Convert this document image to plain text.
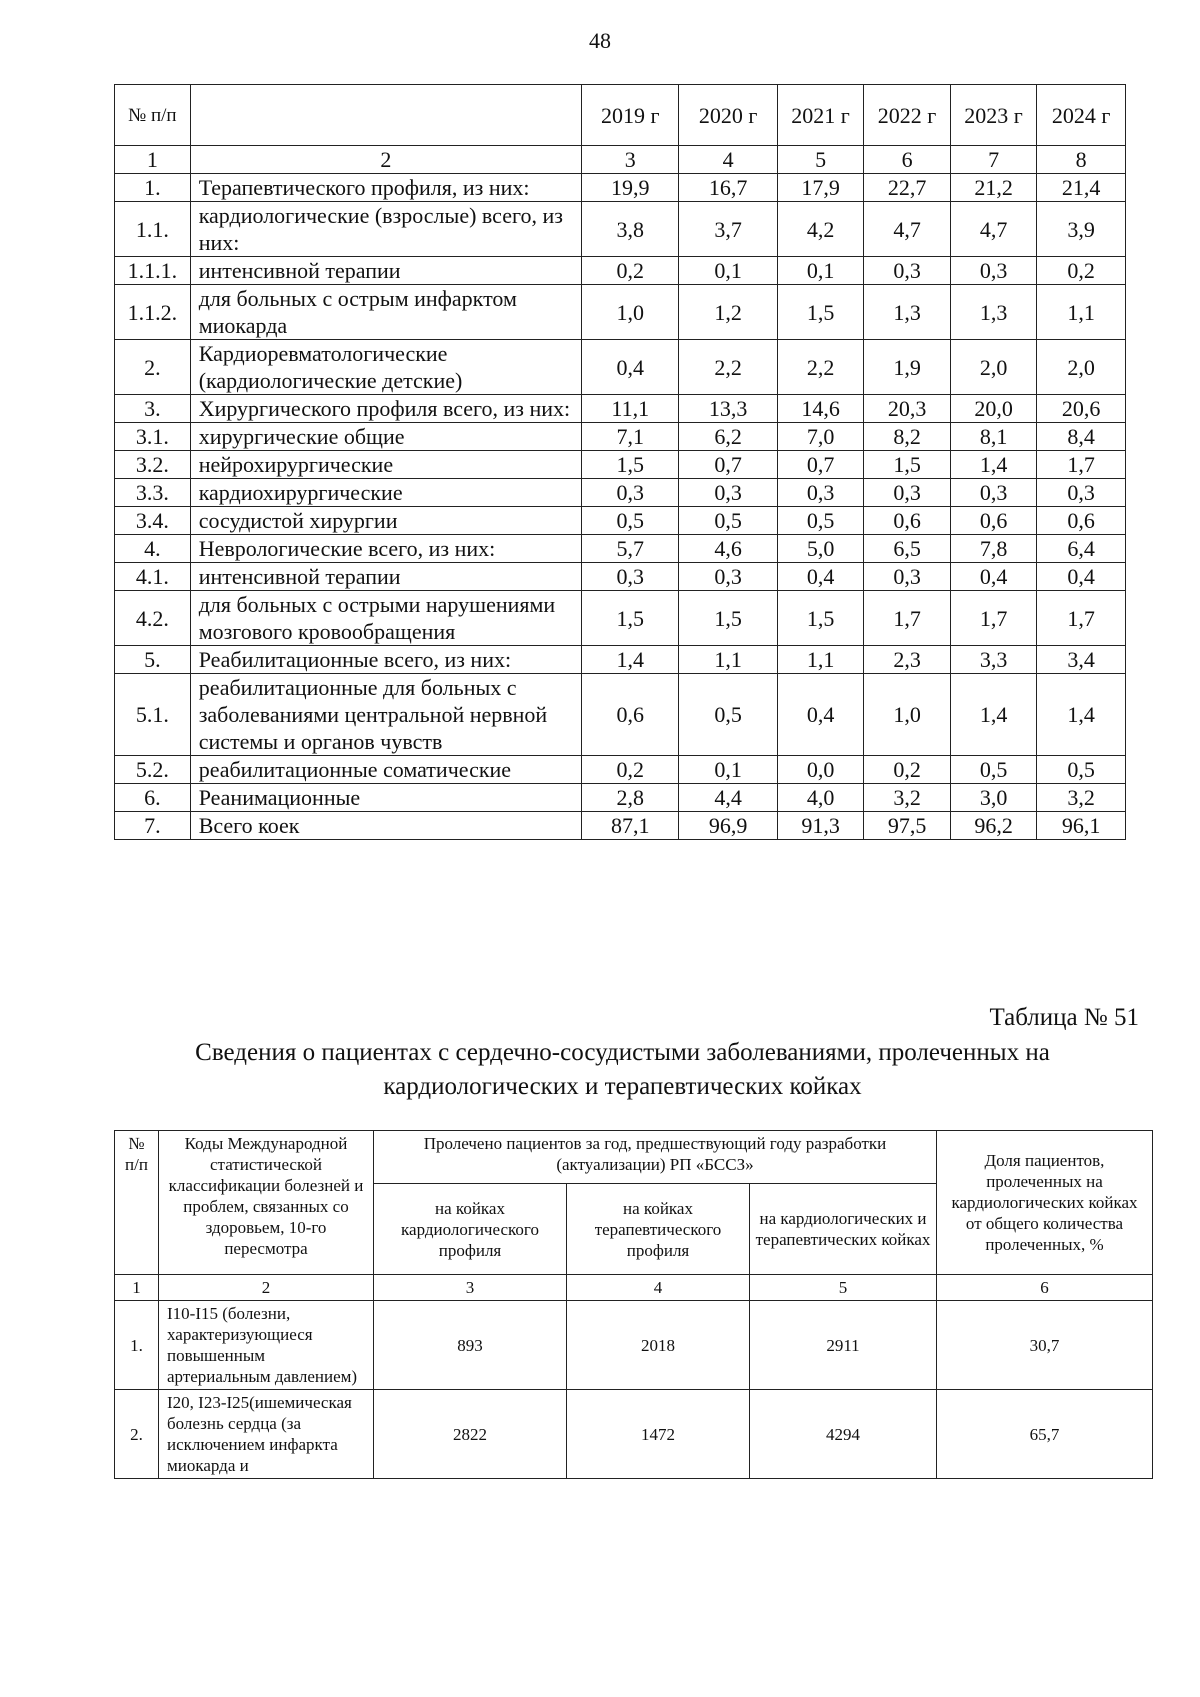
48
№ п/п		2019 г	2020 г	2021 г	2022 г	2023 г	2024 г
1	2	3	4	5	6	7	8
1.	Терапевтического профиля, из них:	19,9	16,7	17,9	22,7	21,2	21,4
1.1.	кардиологические (взрослые) всего, из них:	3,8	3,7	4,2	4,7	4,7	3,9
1.1.1.	интенсивной терапии	0,2	0,1	0,1	0,3	0,3	0,2
1.1.2.	для больных с острым инфарктом миокарда	1,0	1,2	1,5	1,3	1,3	1,1
2.	Кардиоревматологические (кардиологические детские)	0,4	2,2	2,2	1,9	2,0	2,0
3.	Хирургического профиля всего, из них:	11,1	13,3	14,6	20,3	20,0	20,6
3.1.	хирургические общие	7,1	6,2	7,0	8,2	8,1	8,4
3.2.	нейрохирургические	1,5	0,7	0,7	1,5	1,4	1,7
3.3.	кардиохирургические	0,3	0,3	0,3	0,3	0,3	0,3
3.4.	сосудистой хирургии	0,5	0,5	0,5	0,6	0,6	0,6
4.	Неврологические всего, из них:	5,7	4,6	5,0	6,5	7,8	6,4
4.1.	интенсивной терапии	0,3	0,3	0,4	0,3	0,4	0,4
4.2.	для больных с острыми нарушениями мозгового кровообращения	1,5	1,5	1,5	1,7	1,7	1,7
5.	Реабилитационные всего, из них:	1,4	1,1	1,1	2,3	3,3	3,4
5.1.	реабилитационные для больных с заболеваниями центральной нервной системы и органов чувств	0,6	0,5	0,4	1,0	1,4	1,4
5.2.	реабилитационные соматические	0,2	0,1	0,0	0,2	0,5	0,5
6.	Реанимационные	2,8	4,4	4,0	3,2	3,0	3,2
7.	Всего коек	87,1	96,9	91,3	97,5	96,2	96,1
Таблица № 51
Сведения о пациентах с сердечно-сосудистыми заболеваниями, пролеченных на кардиологических и терапевтических койках
№ п/п	Коды Международной статистической классификации болезней и проблем, связанных со здоровьем, 10-го пересмотра	Пролечено пациентов за год, предшествующий году разработки (актуализации) РП «БССЗ»			Доля пациентов, пролеченных на кардиологических койках от общего количества пролеченных, %
		на койках кардиологического профиля	на койках терапевтического профиля	на кардиологических и терапевтических койках	
1	2	3	4	5	6
1.	I10-I15 (болезни, характеризующиеся повышенным артериальным давлением)	893	2018	2911	30,7
2.	I20, I23-I25(ишемическая болезнь сердца (за исключением инфаркта миокарда и	2822	1472	4294	65,7
